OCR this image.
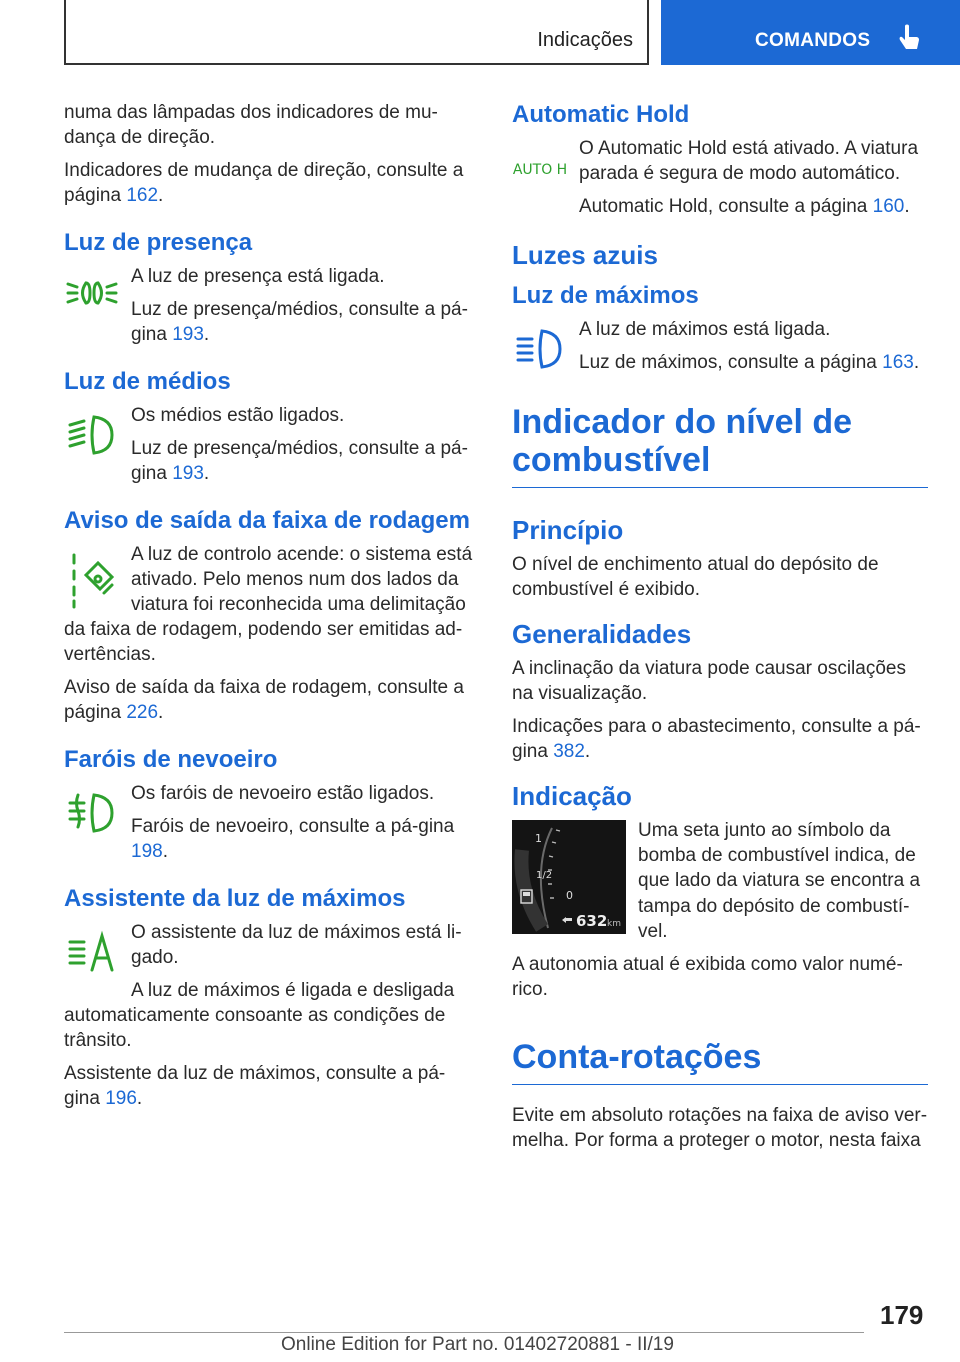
Indicações	COMANDOS

numa das lâmpadas dos indicadores de mu-dança de direção.

Indicadores de mudança de direção, consulte a página 162.

Luz de presença

A luz de presença está ligada.

Luz de presença/médios, consulte a pá-gina 193.

Luz de médios

Os médios estão ligados.

Luz de presença/médios, consulte a pá-gina 193.

Aviso de saída da faixa de rodagem

A luz de controlo acende: o sistema está ativado. Pelo menos num dos lados da viatura foi reconhecida uma delimitação

da faixa de rodagem, podendo ser emitidas ad-vertências.

Aviso de saída da faixa de rodagem, consulte a página 226.

Faróis de nevoeiro

Os faróis de nevoeiro estão ligados.

Faróis de nevoeiro, consulte a pá-gina 198.

Assistente da luz de máximos

O assistente da luz de máximos está li-gado.

A luz de máximos é ligada e desligada

automaticamente consoante as condições de trânsito.

Assistente da luz de máximos, consulte a pá-gina 196.

Automatic Hold
AUTO H

O Automatic Hold está ativado. A viatura parada é segura de modo automático.

Automatic Hold, consulte a página 160.

Luzes azuis
Luz de máximos

A luz de máximos está ligada.

Luz de máximos, consulte a página 163.

Indicador do nível de combustível
Princípio

O nível de enchimento atual do depósito de combustível é exibido.

Generalidades

A inclinação da viatura pode causar oscilações na visualização.

Indicações para o abastecimento, consulte a pá-gina 382.

Indicação
1
1/2
0
632 km

Uma seta junto ao símbolo da bomba de combustível indica, de que lado da viatura se encontra a tampa do depósito de combustí-vel.

A autonomia atual é exibida como valor numé-rico.

Conta-rotações

Evite em absoluto rotações na faixa de aviso ver-melha. Por forma a proteger o motor, nesta faixa

179
Online Edition for Part no. 01402720881 - II/19
